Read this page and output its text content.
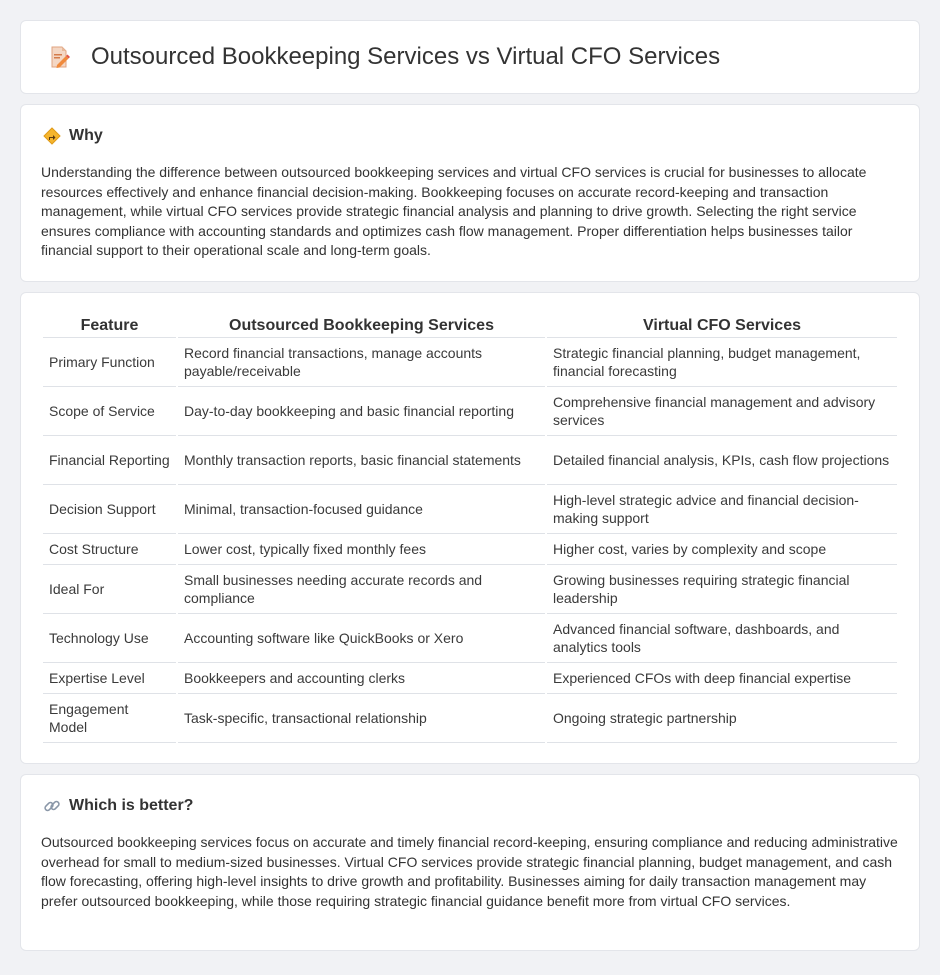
Outsourced Bookkeeping Services vs Virtual CFO Services
Why
Understanding the difference between outsourced bookkeeping services and virtual CFO services is crucial for businesses to allocate resources effectively and enhance financial decision-making. Bookkeeping focuses on accurate record-keeping and transaction management, while virtual CFO services provide strategic financial analysis and planning to drive growth. Selecting the right service ensures compliance with accounting standards and optimizes cash flow management. Proper differentiation helps businesses tailor financial support to their operational scale and long-term goals.
Feature	Outsourced Bookkeeping Services	Virtual CFO Services
Primary Function	Record financial transactions, manage accounts payable/receivable	Strategic financial planning, budget management, financial forecasting
Scope of Service	Day-to-day bookkeeping and basic financial reporting	Comprehensive financial management and advisory services
Financial Reporting	Monthly transaction reports, basic financial statements	Detailed financial analysis, KPIs, cash flow projections
Decision Support	Minimal, transaction-focused guidance	High-level strategic advice and financial decision-making support
Cost Structure	Lower cost, typically fixed monthly fees	Higher cost, varies by complexity and scope
Ideal For	Small businesses needing accurate records and compliance	Growing businesses requiring strategic financial leadership
Technology Use	Accounting software like QuickBooks or Xero	Advanced financial software, dashboards, and analytics tools
Expertise Level	Bookkeepers and accounting clerks	Experienced CFOs with deep financial expertise
Engagement Model	Task-specific, transactional relationship	Ongoing strategic partnership
Which is better?
Outsourced bookkeeping services focus on accurate and timely financial record-keeping, ensuring compliance and reducing administrative overhead for small to medium-sized businesses. Virtual CFO services provide strategic financial planning, budget management, and cash flow forecasting, offering high-level insights to drive growth and profitability. Businesses aiming for daily transaction management may prefer outsourced bookkeeping, while those requiring strategic financial guidance benefit more from virtual CFO services.
